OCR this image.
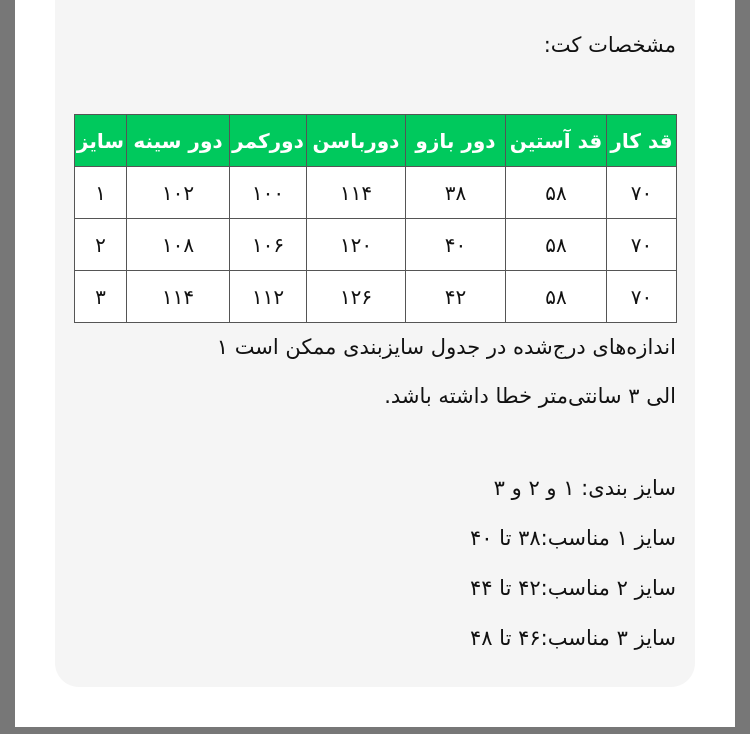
مشخصات کت:
قد کار	قد آستین	دور بازو	دورباسن	دورکمر	دور سینه	سایز
۷۰	۵۸	۳۸	۱۱۴	۱۰۰	۱۰۲	۱
۷۰	۵۸	۴۰	۱۲۰	۱۰۶	۱۰۸	۲
۷۰	۵۸	۴۲	۱۲۶	۱۱۲	۱۱۴	۳
اندازه‌های درج‌شده در جدول سایزبندی ممکن است ۱
الی ۳ سانتی‌متر خطا داشته باشد.
سایز بندی: ۱ و ۲ و ۳
سایز ۱ مناسب:۳۸ تا ۴۰
سایز ۲ مناسب:۴۲ تا ۴۴
سایز ۳ مناسب:۴۶ تا ۴۸
